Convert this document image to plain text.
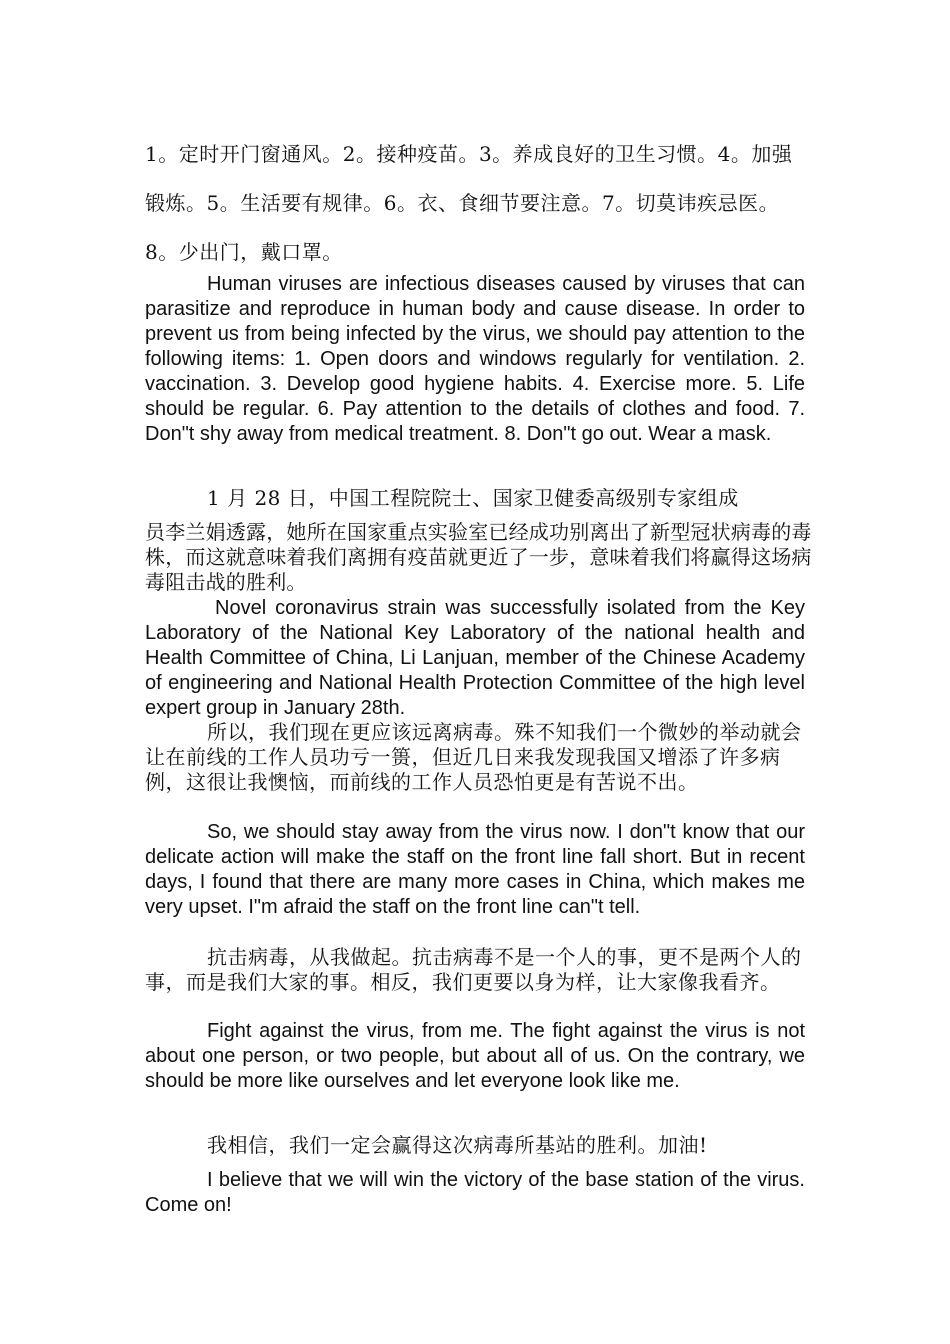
1。定时开门窗通风。2。接种疫苗。3。养成良好的卫生习惯。4。加强锻炼。5。生活要有规律。6。衣、食细节要注意。7。切莫讳疾忌医。8。少出门，戴口罩。

Human viruses are infectious diseases caused by viruses that can parasitize and reproduce in human body and cause disease. In order to prevent us from being infected by the virus, we should pay attention to the following items: 1. Open doors and windows regularly for ventilation. 2. vaccination. 3. Develop good hygiene habits. 4. Exercise more. 5. Life should be regular. 6. Pay attention to the details of clothes and food. 7. Don"t shy away from medical treatment. 8. Don"t go out. Wear a mask.

1 月 28 日，中国工程院院士、国家卫健委高级别专家组成

员李兰娟透露，她所在国家重点实验室已经成功别离出了新型冠状病毒的毒株，而这就意味着我们离拥有疫苗就更近了一步，意味着我们将赢得这场病毒阻击战的胜利。

Novel coronavirus strain was successfully isolated from the Key Laboratory of the National Key Laboratory of the national health and Health Committee of China, Li Lanjuan, member of the Chinese Academy of engineering and National Health Protection Committee of the high level expert group in January 28th.

所以，我们现在更应该远离病毒。殊不知我们一个微妙的举动就会让在前线的工作人员功亏一篑，但近几日来我发现我国又增添了许多病例，这很让我懊恼，而前线的工作人员恐怕更是有苦说不出。

So, we should stay away from the virus now. I don"t know that our delicate action will make the staff on the front line fall short. But in recent days, I found that there are many more cases in China, which makes me very upset. I"m afraid the staff on the front line can"t tell.

抗击病毒，从我做起。抗击病毒不是一个人的事，更不是两个人的事，而是我们大家的事。相反，我们更要以身为样，让大家像我看齐。

Fight against the virus, from me. The fight against the virus is not about one person, or two people, but about all of us. On the contrary, we should be more like ourselves and let everyone look like me.

我相信，我们一定会赢得这次病毒所基站的胜利。加油!

I believe that we will win the victory of the base station of the virus. Come on!
